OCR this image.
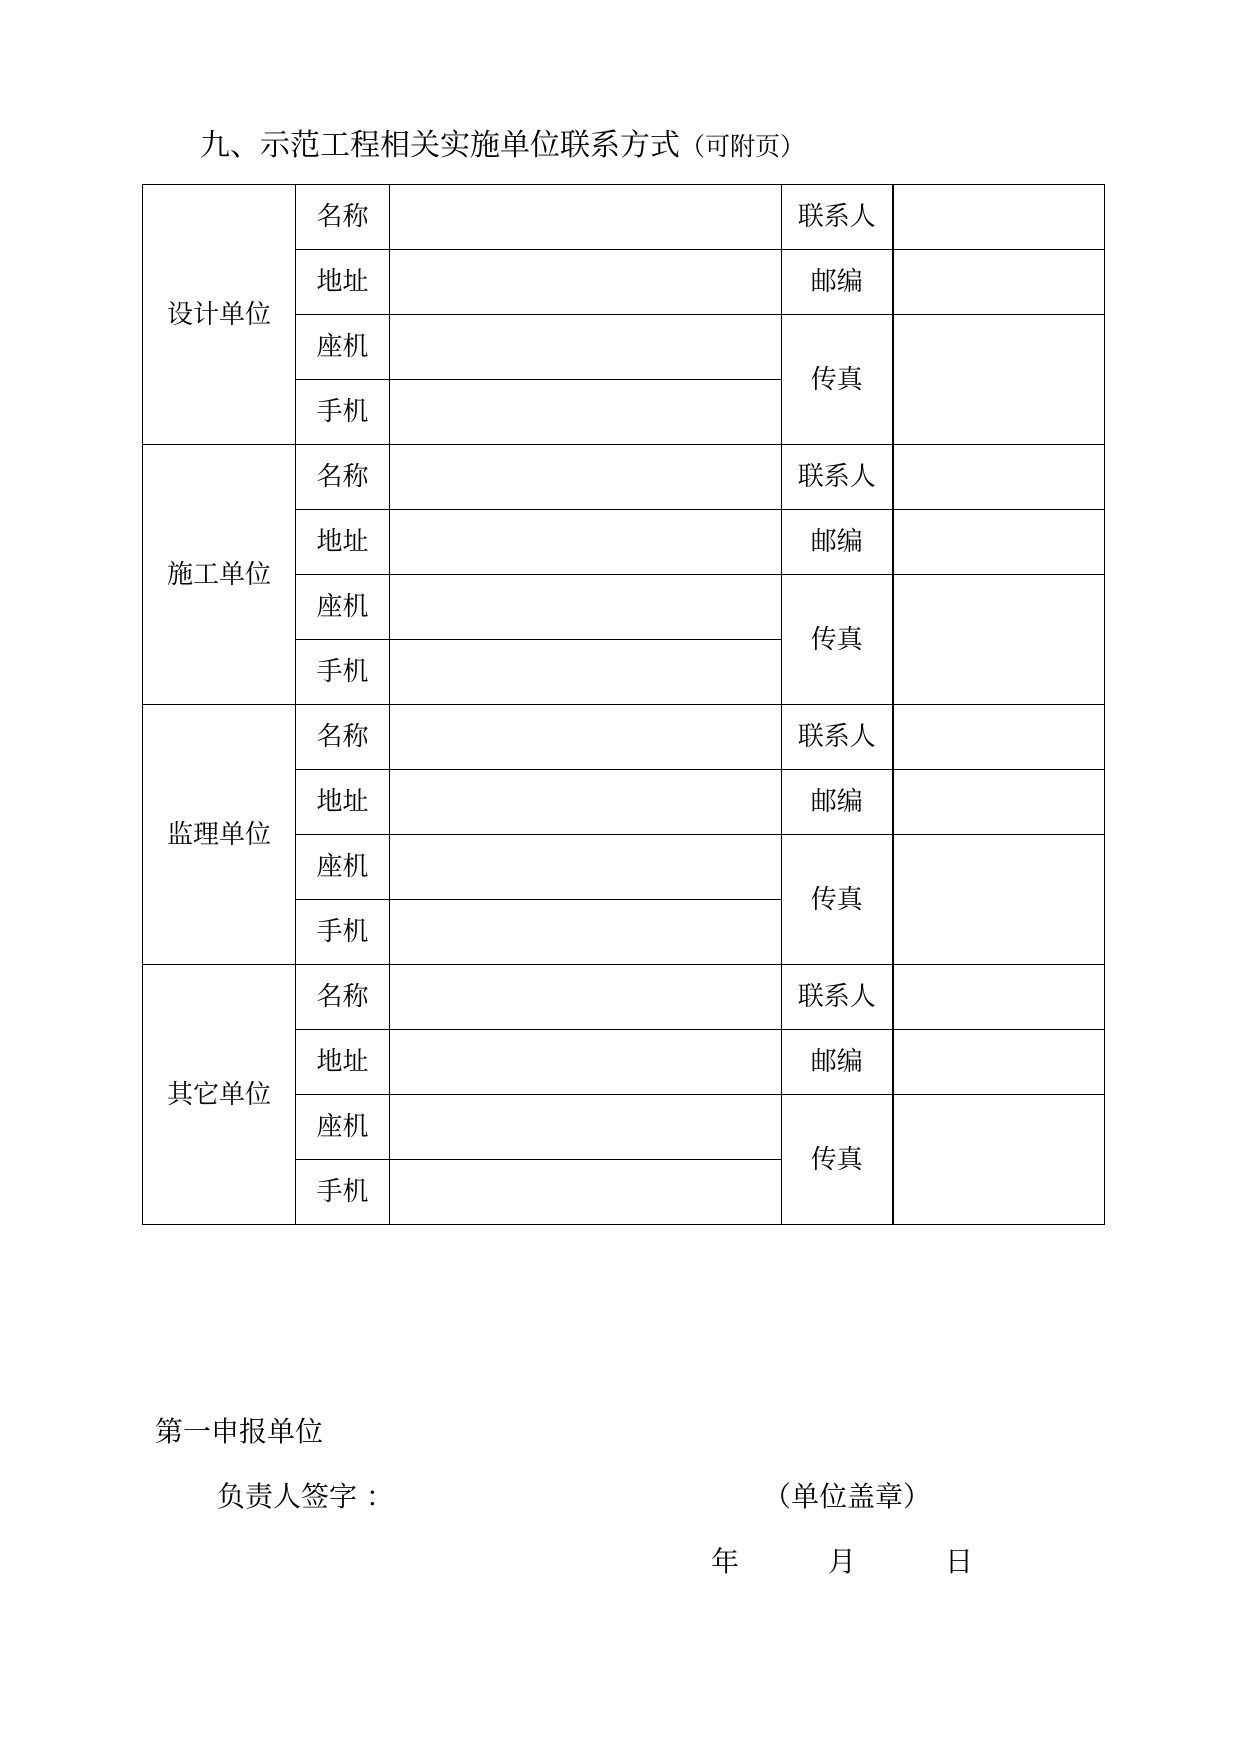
九、示范工程相关实施单位联系方式（可附页）
设计单位	名称		联系人	
	地址		邮编	
	座机		传真	
	手机			
施工单位	名称		联系人	
	地址		邮编	
	座机		传真	
	手机			
监理单位	名称		联系人	
	地址		邮编	
	座机		传真	
	手机			
其它单位	名称		联系人	
	地址		邮编	
	座机		传真	
	手机			
第一申报单位
负责人签字 ：	（单位盖章）
年	月	日
